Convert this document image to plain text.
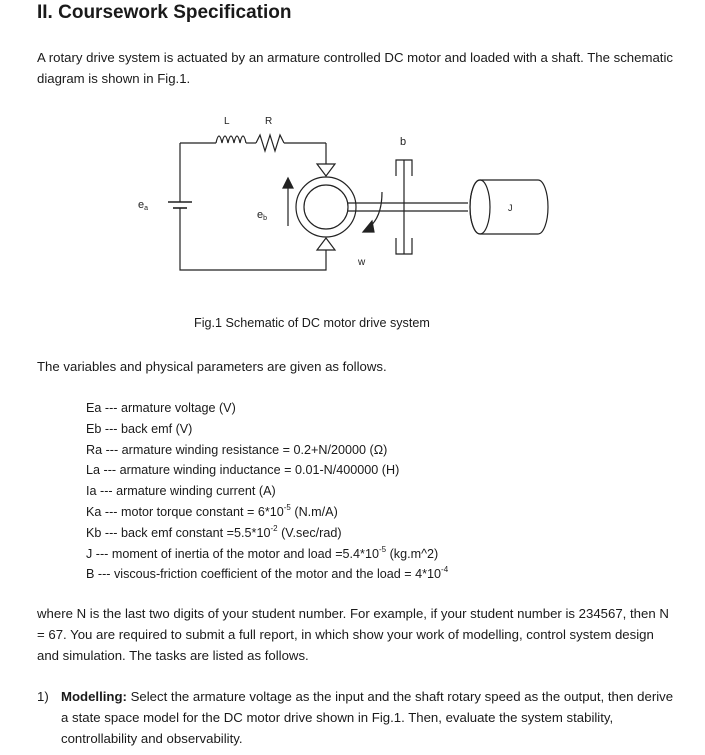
II. Coursework Specification

A rotary drive system is actuated by an armature controlled DC motor and loaded with a shaft. The schematic diagram is shown in Fig.1.

L	R
b
ea
eb
J
w

Fig.1 Schematic of DC motor drive system

The variables and physical parameters are given as follows.

Ea --- armature voltage (V)
Eb --- back emf (V)
Ra --- armature winding resistance = 0.2+N/20000 (Ω)
La --- armature winding inductance = 0.01-N/400000 (H)
Ia --- armature winding current (A)
Ka --- motor torque constant = $6*10^{-5}$ (N.m/A)
Kb --- back emf constant $=5.5*10^{-2}$ (V.sec/rad)
J --- moment of inertia of the motor and load $=5.4*10^{-5}$ (kg.m^2)
B --- viscous-friction coefficient of the motor and the load = $4*10^{-4}$

where N is the last two digits of your student number. For example, if your student number is 234567, then N = 67. You are required to submit a full report, in which show your work of modelling, control system design and simulation. The tasks are listed as follows.

1) Modelling: Select the armature voltage as the input and the shaft rotary speed as the output, then derive a state space model for the DC motor drive shown in Fig.1. Then, evaluate the system stability, controllability and observability.
